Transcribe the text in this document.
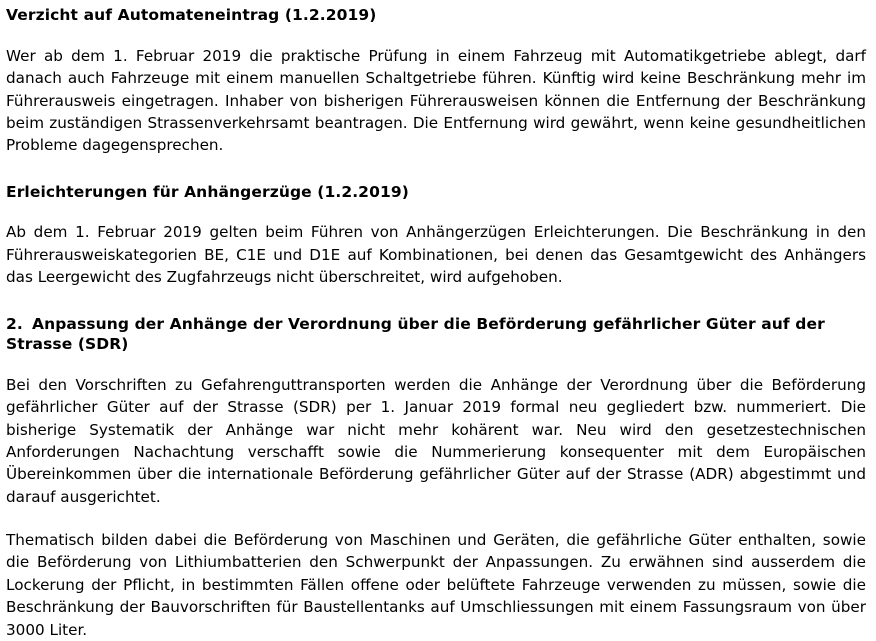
Verzicht auf Automateneintrag (1.2.2019)

Wer ab dem 1. Februar 2019 die praktische Prüfung in einem Fahrzeug mit Automatikgetriebe ablegt, darf danach auch Fahrzeuge mit einem manuellen Schaltgetriebe führen. Künftig wird keine Beschränkung mehr im Führerausweis eingetragen. Inhaber von bisherigen Führerausweisen können die Entfernung der Beschränkung beim zuständigen Strassenverkehrsamt beantragen. Die Entfernung wird gewährt, wenn keine gesundheitlichen Probleme dagegensprechen.

Erleichterungen für Anhängerzüge (1.2.2019)

Ab dem 1. Februar 2019 gelten beim Führen von Anhängerzügen Erleichterungen. Die Beschränkung in den Führerausweiskategorien BE, C1E und D1E auf Kombinationen, bei denen das Gesamtgewicht des Anhängers das Leergewicht des Zugfahrzeugs nicht überschreitet, wird aufgehoben.

2. Anpassung der Anhänge der Verordnung über die Beförderung gefährlicher Güter auf der Strasse (SDR)

Bei den Vorschriften zu Gefahrenguttransporten werden die Anhänge der Verordnung über die Beförderung gefährlicher Güter auf der Strasse (SDR) per 1. Januar 2019 formal neu gegliedert bzw. nummeriert. Die bisherige Systematik der Anhänge war nicht mehr kohärent war. Neu wird den gesetzestechnischen Anforderungen Nachachtung verschafft sowie die Nummerierung konsequenter mit dem Europäischen Übereinkommen über die internationale Beförderung gefährlicher Güter auf der Strasse (ADR) abgestimmt und darauf ausgerichtet.

Thematisch bilden dabei die Beförderung von Maschinen und Geräten, die gefährliche Güter enthalten, sowie die Beförderung von Lithiumbatterien den Schwerpunkt der Anpassungen. Zu erwähnen sind ausserdem die Lockerung der Pflicht, in bestimmten Fällen offene oder belüftete Fahrzeuge verwenden zu müssen, sowie die Beschränkung der Bauvorschriften für Baustellentanks auf Umschliessungen mit einem Fassungsraum von über 3000 Liter.
